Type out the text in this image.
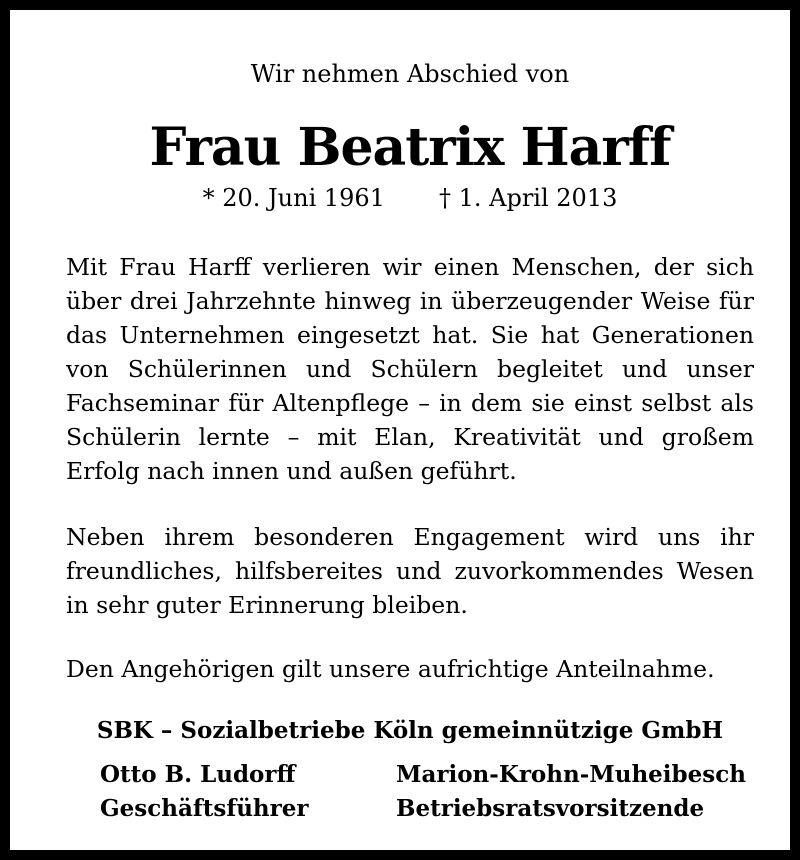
Wir nehmen Abschied von
Frau Beatrix Harff
* 20. Juni 1961 † 1. April 2013
Mit Frau Harff verlieren wir einen Menschen, der sich über drei Jahrzehnte hinweg in überzeugender Weise für das Unternehmen eingesetzt hat. Sie hat Generationen von Schülerinnen und Schülern begleitet und unser Fachseminar für Altenpflege – in dem sie einst selbst als Schülerin lernte – mit Elan, Kreativität und großem Erfolg nach innen und außen geführt.
Neben ihrem besonderen Engagement wird uns ihr freundliches, hilfsbereites und zuvorkommendes Wesen in sehr guter Erinnerung bleiben.
Den Angehörigen gilt unsere aufrichtige Anteilnahme.
SBK – Sozialbetriebe Köln gemeinnützige GmbH
Otto B. Ludorff
Geschäftsführer
Marion-Krohn-Muheibesch
Betriebsratsvorsitzende
